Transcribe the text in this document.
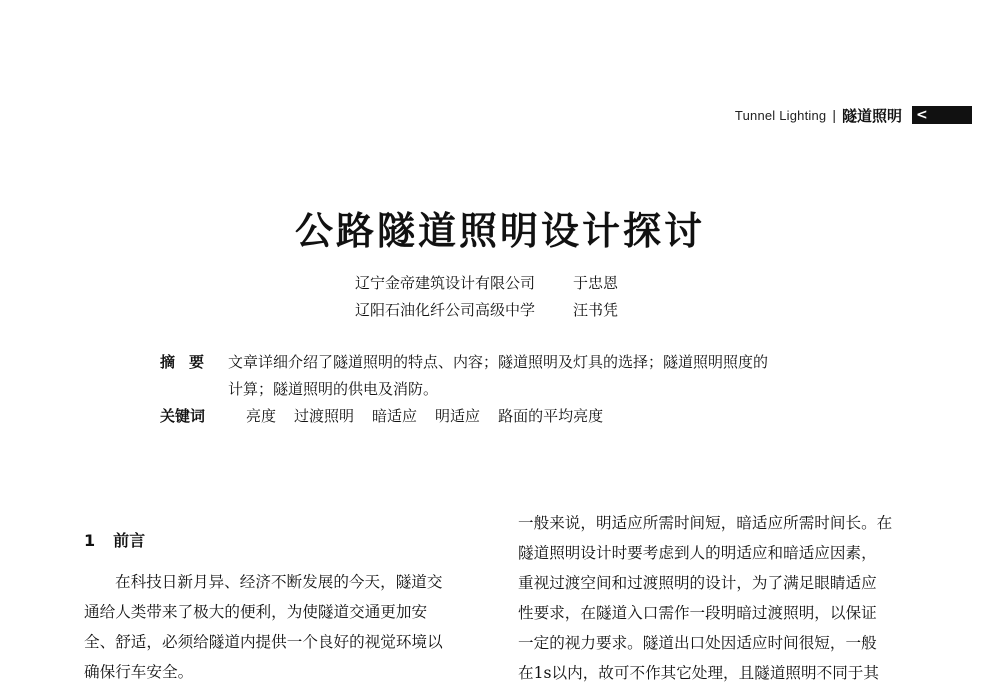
Tunnel Lighting | 隧道照明 <
公路隧道照明设计探讨
辽宁金帝建筑设计有限公司	于忠恩
辽阳石油化纤公司高级中学	汪书凭
摘要 文章详细介绍了隧道照明的特点、内容；隧道照明及灯具的选择；隧道照明照度的
计算；隧道照明的供电及消防。
关键词	亮度 过渡照明 暗适应 明适应 路面的平均亮度
1 前言
在科技日新月异、经济不断发展的今天，隧道交
通给人类带来了极大的便利，为使隧道交通更加安
全、舒适，必须给隧道内提供一个良好的视觉环境以
确保行车安全。
一般来说，明适应所需时间短，暗适应所需时间长。在
隧道照明设计时要考虑到人的明适应和暗适应因素，
重视过渡空间和过渡照明的设计，为了满足眼睛适应
性要求，在隧道入口需作一段明暗过渡照明，以保证
一定的视力要求。隧道出口处因适应时间很短，一般
在1s以内，故可不作其它处理，且隧道照明不同于其
